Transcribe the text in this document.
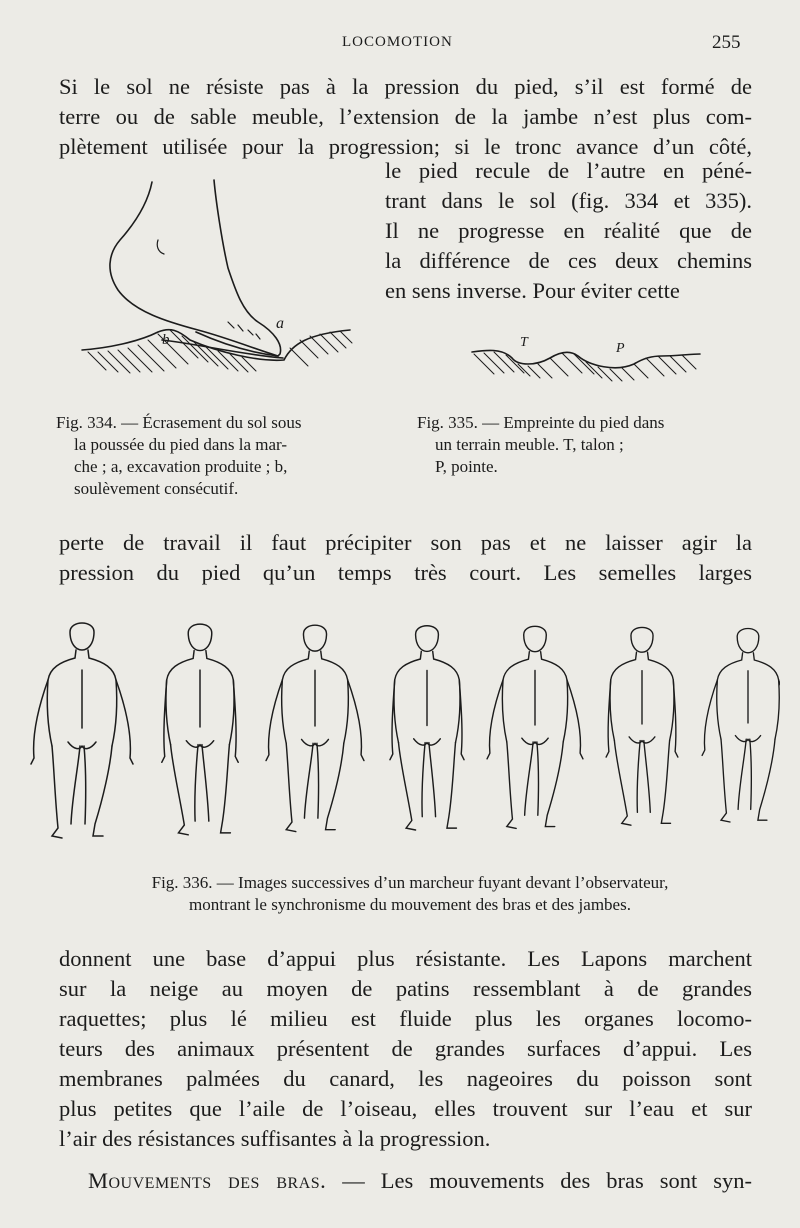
LOCOMOTION	255
Si le sol ne résiste pas à la pression du pied, s’il est formé de
terre ou de sable meuble, l’extension de la jambe n’est plus com-
plètement utilisée pour la progression; si le tronc avance d’un côté,
le pied recule de l’autre en péné-
trant dans le sol (fig. 334 et 335).
Il ne progresse en réalité que de
la différence de ces deux chemins
en sens inverse. Pour éviter cette
a
b	T	P
Fig. 334. — Écrasement du sol sous
la poussée du pied dans la mar-
che ; a, excavation produite ; b,
soulèvement consécutif.
Fig. 335. — Empreinte du pied dans
un terrain meuble. T, talon ;
P, pointe.
perte de travail il faut précipiter son pas et ne laisser agir la
pression du pied qu’un temps très court. Les semelles larges
Fig. 336. — Images successives d’un marcheur fuyant devant l’observateur,
montrant le synchronisme du mouvement des bras et des jambes.
donnent une base d’appui plus résistante. Les Lapons marchent
sur la neige au moyen de patins ressemblant à de grandes
raquettes; plus lé milieu est fluide plus les organes locomo-
teurs des animaux présentent de grandes surfaces d’appui. Les
membranes palmées du canard, les nageoires du poisson sont
plus petites que l’aile de l’oiseau, elles trouvent sur l’eau et sur
l’air des résistances suffisantes à la progression.
Mouvements des bras. — Les mouvements des bras sont syn-
